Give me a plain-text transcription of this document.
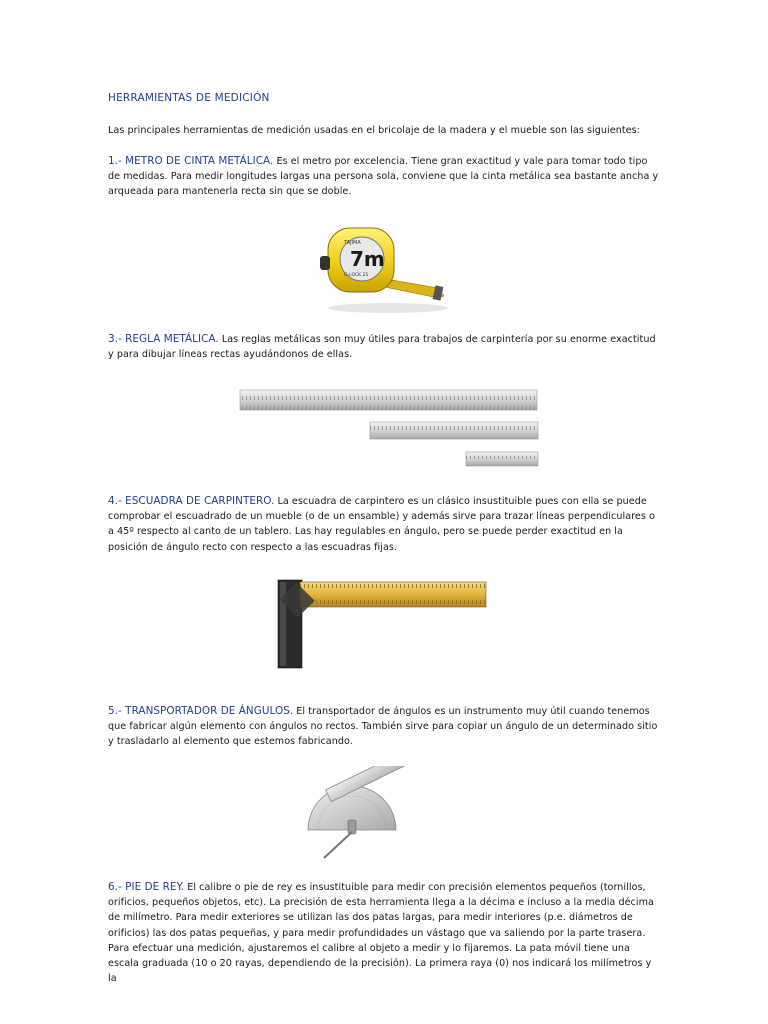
HERRAMIENTAS DE MEDICIÓN
Las principales herramientas de medición usadas en el bricolaje de la madera y el mueble son las siguientes:
1.- METRO DE CINTA METÁLICA. Es el metro por excelencia. Tiene gran exactitud y vale para tomar todo tipo de medidas. Para medir longitudes largas una persona sola, conviene que la cinta metálica sea bastante ancha y arqueada para mantenerla recta sin que se doble.
7m
TAJIMA
G-LOCK 25
3.- REGLA METÁLICA. Las reglas metálicas son muy útiles para trabajos de carpintería por su enorme exactitud y para dibujar líneas rectas ayudándonos de ellas.
4.- ESCUADRA DE CARPINTERO. La escuadra de carpintero es un clásico insustituible pues con ella se puede comprobar el escuadrado de un mueble (o de un ensamble) y además sirve para trazar líneas perpendiculares o a 45º respecto al canto de un tablero. Las hay regulables en ángulo, pero se puede perder exactitud en la posición de ángulo recto con respecto a las escuadras fijas.
5.- TRANSPORTADOR DE ÁNGULOS. El transportador de ángulos es un instrumento muy útil cuando tenemos que fabricar algún elemento con ángulos no rectos. También sirve para copiar un ángulo de un determinado sitio y trasladarlo al elemento que estemos fabricando.
6.- PIE DE REY. El calibre o pie de rey es insustituible para medir con precisión elementos pequeños (tornillos, orificios, pequeños objetos, etc). La precisión de esta herramienta llega a la décima e incluso a la media décima de milímetro. Para medir exteriores se utilizan las dos patas largas, para medir interiores (p.e. diámetros de orificios) las dos patas pequeñas, y para medir profundidades un vástago que va saliendo por la parte trasera. Para efectuar una medición, ajustaremos el calibre al objeto a medir y lo fijaremos. La pata móvil tiene una escala graduada (10 o 20 rayas, dependiendo de la precisión). La primera raya (0) nos indicará los milímetros y la
